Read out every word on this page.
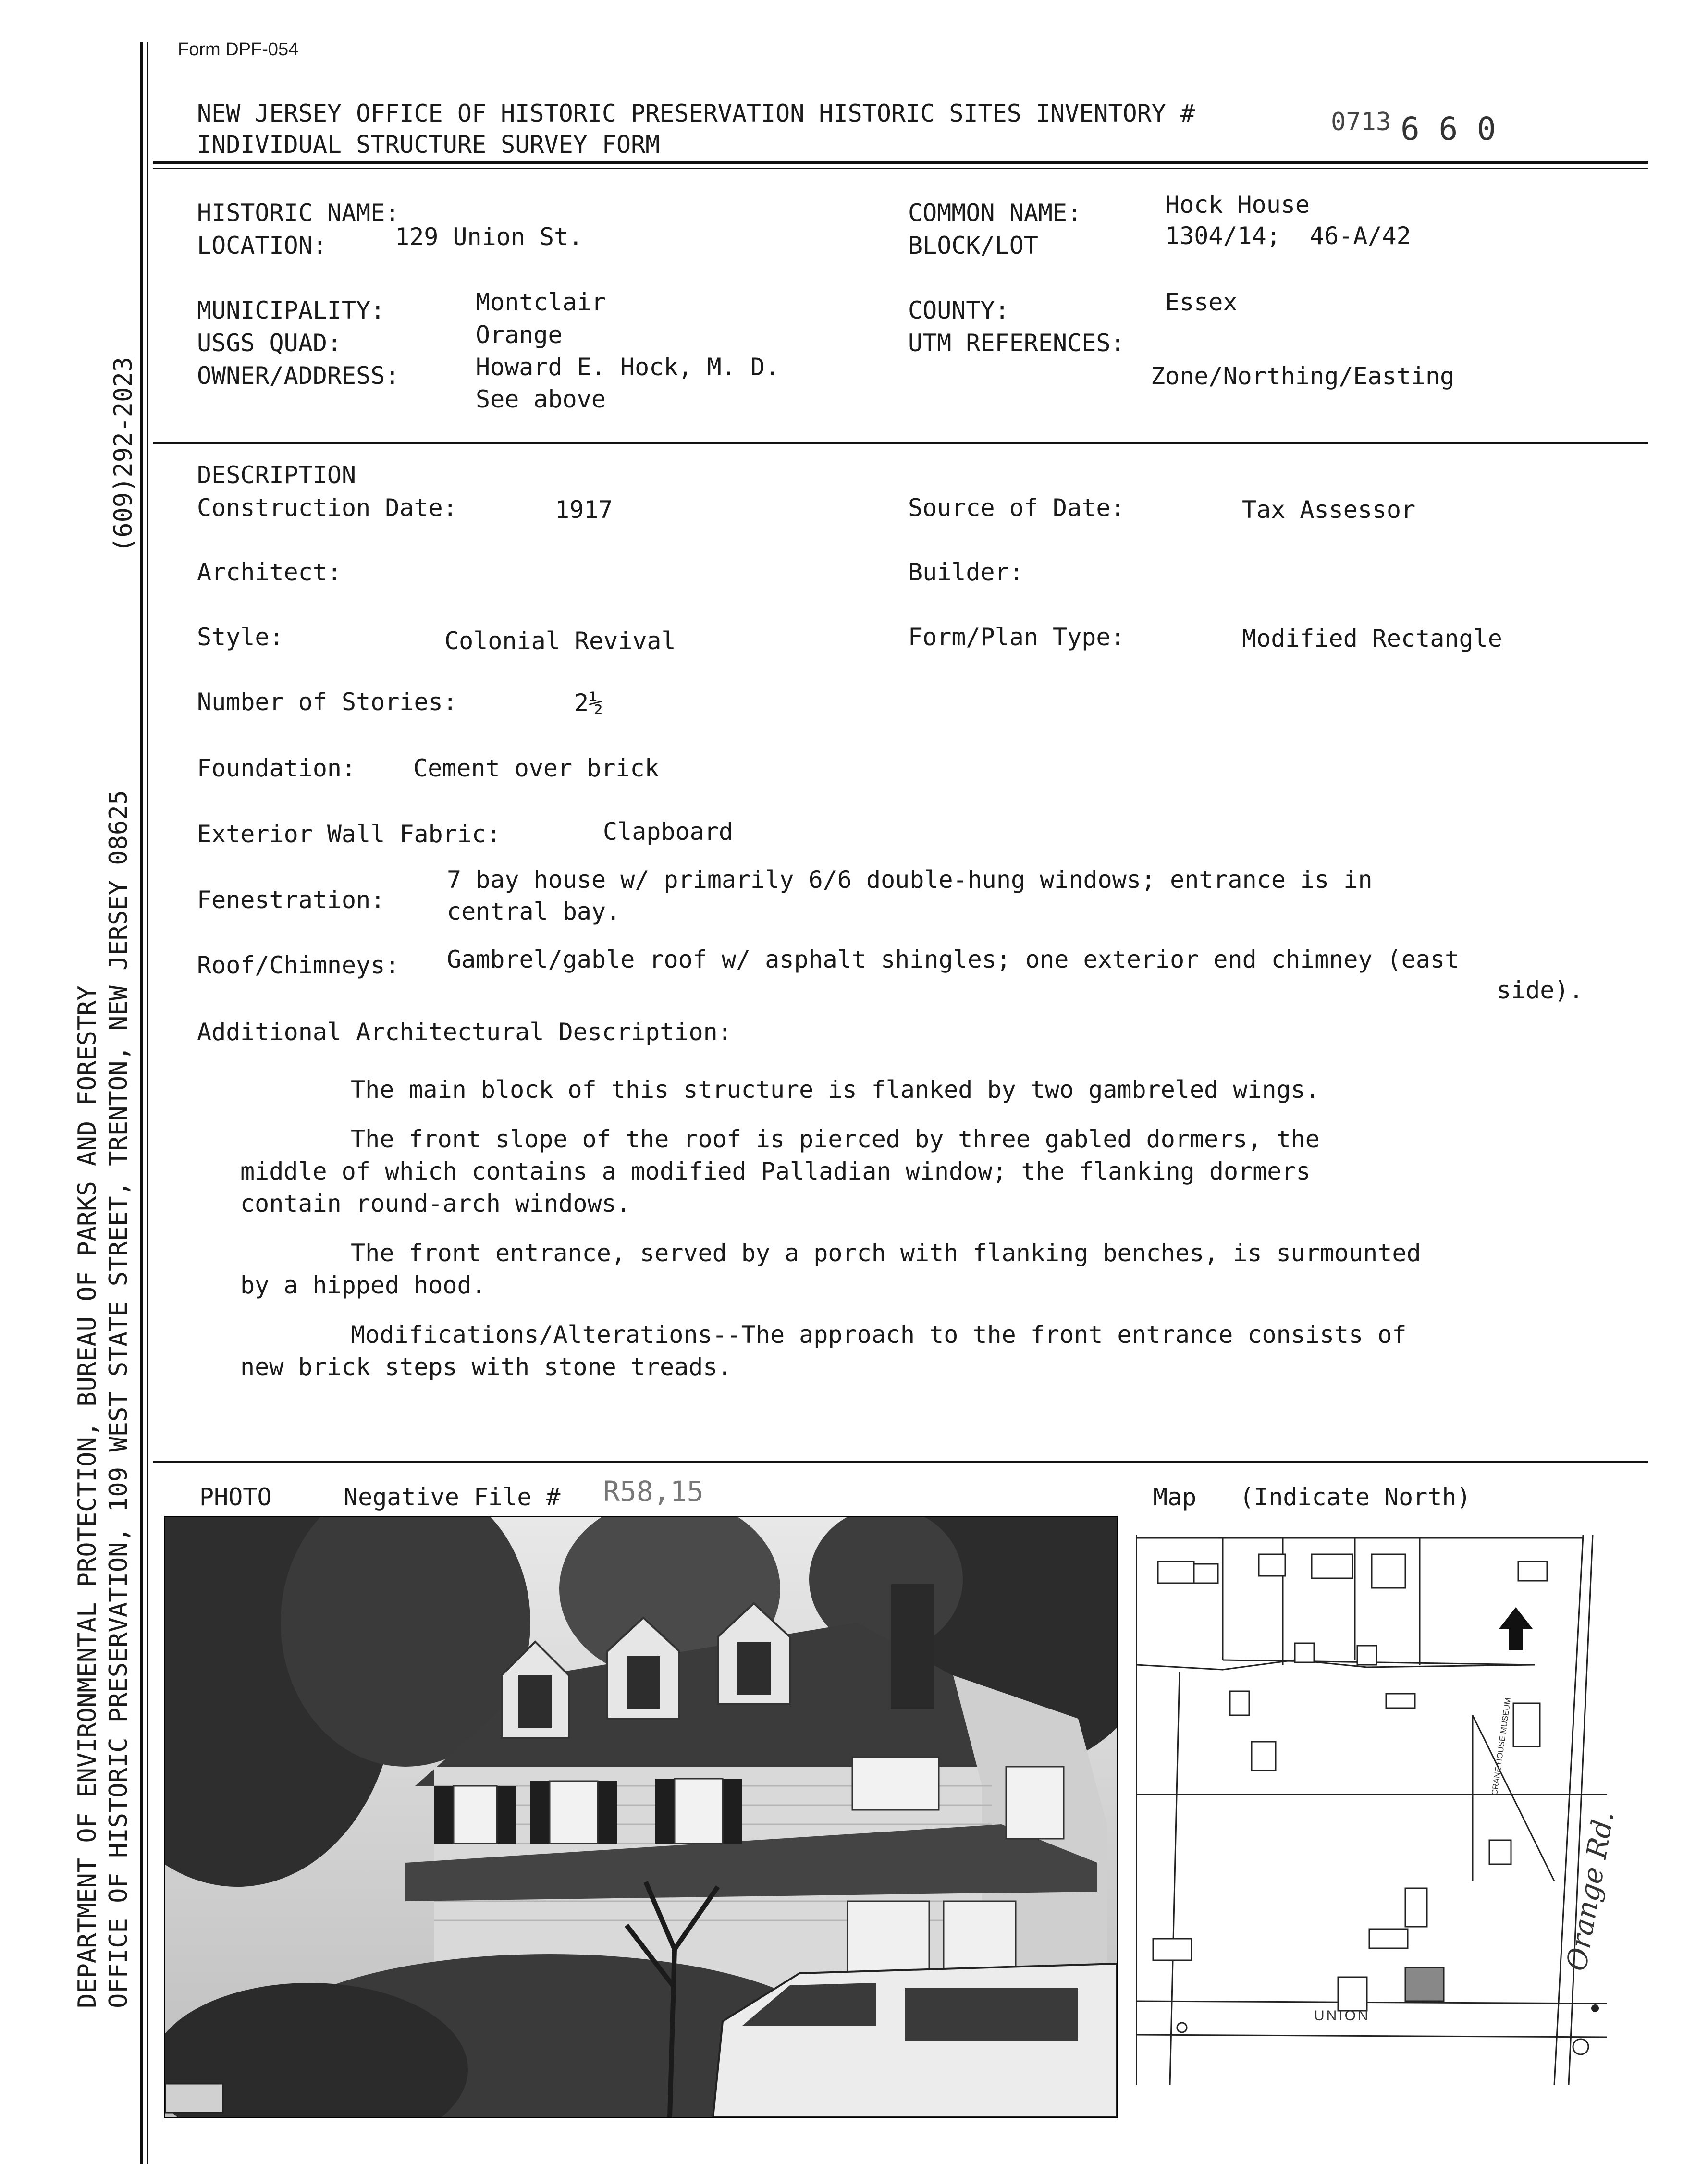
(609)292-2023
DEPARTMENT OF ENVIRONMENTAL PROTECTION, BUREAU OF PARKS AND FORESTRY OFFICE OF HISTORIC PRESERVATION, 109 WEST STATE STREET, TRENTON, NEW JERSEY 08625
Form DPF-054
NEW JERSEY OFFICE OF HISTORIC PRESERVATION HISTORIC SITES INVENTORY #
INDIVIDUAL STRUCTURE SURVEY FORM
0713 6 6 0
HISTORIC NAME:
LOCATION:	129 Union St.
COMMON NAME:	Hock House
BLOCK/LOT	1304/14;  46-A/42
MUNICIPALITY:	Montclair
USGS QUAD:	Orange
OWNER/ADDRESS:	Howard E. Hock, M. D.
See above
COUNTY:	Essex
UTM REFERENCES:
Zone/Northing/Easting
DESCRIPTION
Construction Date:	1917	Source of Date:	Tax Assessor
Architect:	Builder:
Style:	Colonial Revival	Form/Plan Type:	Modified Rectangle
Number of Stories:	2½
Foundation: Cement over brick
Exterior Wall Fabric:	Clapboard
Fenestration:
7 bay house w/ primarily 6/6 double-hung windows; entrance is in
central bay.
Roof/Chimneys: Gambrel/gable roof w/ asphalt shingles; one exterior end chimney (east
side).
Additional Architectural Description:
The main block of this structure is flanked by two gambreled wings.
The front slope of the roof is pierced by three gabled dormers, the
middle of which contains a modified Palladian window; the flanking dormers
contain round-arch windows.
The front entrance, served by a porch with flanking benches, is surmounted
by a hipped hood.
Modifications/Alterations--The approach to the front entrance consists of
new brick steps with stone treads.
PHOTO	Negative File # R58,15	Map (Indicate North)
UNION
CRANE HOUSE MUSEUM
Orange Rd.
